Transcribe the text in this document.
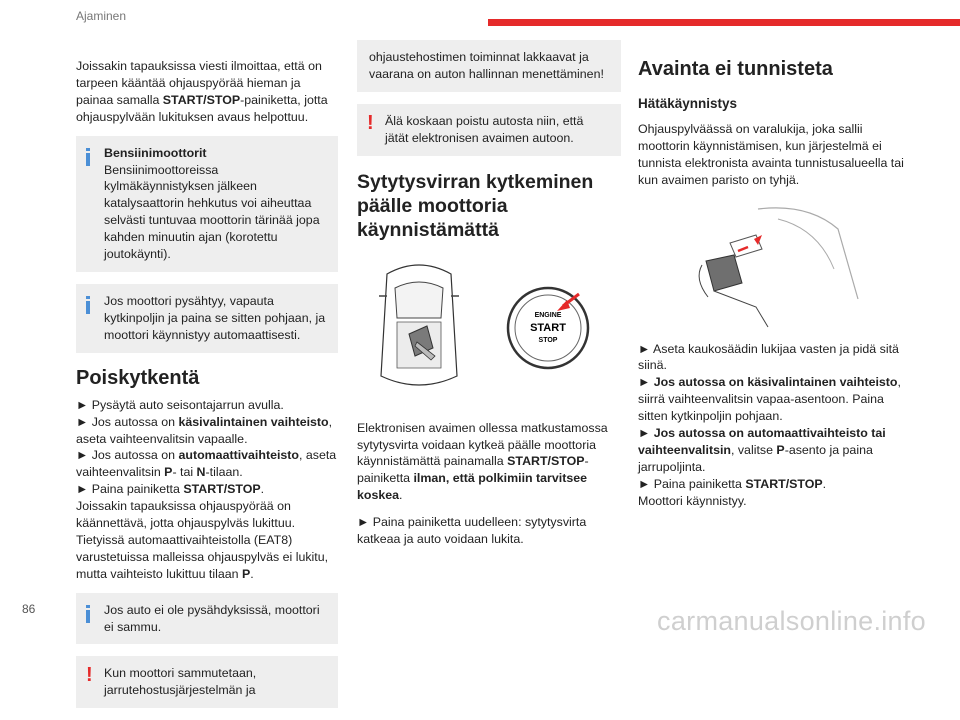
Ajaminen

Joissakin tapauksissa viesti ilmoittaa, että on tarpeen kääntää ohjauspyörää hieman ja painaa samalla START/STOP-painiketta, jotta ohjauspylvään lukituksen avaus helpottuu.

Bensiinimoottorit
Bensiinimoottoreissa kylmäkäynnistyksen jälkeen katalysaattorin hehkutus voi aiheuttaa selvästi tuntuvaa moottorin tärinää jopa kahden minuutin ajan (korotettu joutokäynti).
Jos moottori pysähtyy, vapauta kytkinpoljin ja paina se sitten pohjaan, ja moottori käynnistyy automaattisesti.
Poiskytkentä
► Pysäytä auto seisontajarrun avulla.
► Jos autossa on käsivalintainen vaihteisto, aseta vaihteenvalitsin vapaalle.
► Jos autossa on automaattivaihteisto, aseta vaihteenvalitsin P- tai N-tilaan.
► Paina painiketta START/STOP.

Joissakin tapauksissa ohjauspyörää on käännettävä, jotta ohjauspylväs lukittuu. Tietyissä automaattivaihteistolla (EAT8) varustetuissa malleissa ohjauspylväs ei lukitu, mutta vaihteisto lukittuu tilaan P.

Jos auto ei ole pysähdyksissä, moottori ei sammu.
! Kun moottori sammutetaan, jarrutehostusjärjestelmän ja
ohjaustehostimen toiminnat lakkaavat ja vaarana on auton hallinnan menettäminen!
! Älä koskaan poistu autosta niin, että jätät elektronisen avaimen autoon.
Sytytysvirran kytkeminen päälle moottoria käynnistämättä
ENGINE
START
STOP

Elektronisen avaimen ollessa matkustamossa sytytysvirta voidaan kytkeä päälle moottoria käynnistämättä painamalla START/STOP-painiketta ilman, että polkimiin tarvitsee koskea.

► Paina painiketta uudelleen: sytytysvirta katkeaa ja auto voidaan lukita.

Avainta ei tunnisteta
Hätäkäynnistys

Ohjauspylväässä on varalukija, joka sallii moottorin käynnistämisen, kun järjestelmä ei tunnista elektronista avainta tunnistusalueella tai kun avaimen paristo on tyhjä.

► Aseta kaukosäädin lukijaa vasten ja pidä sitä siinä.
► Jos autossa on käsivalintainen vaihteisto, siirrä vaihteenvalitsin vapaa-asentoon. Paina sitten kytkinpoljin pohjaan.
► Jos autossa on automaattivaihteisto tai vaihteenvalitsin, valitse P-asento ja paina jarrupoljinta.
► Paina painiketta START/STOP.
Moottori käynnistyy.
86	carmanualsonline.info
